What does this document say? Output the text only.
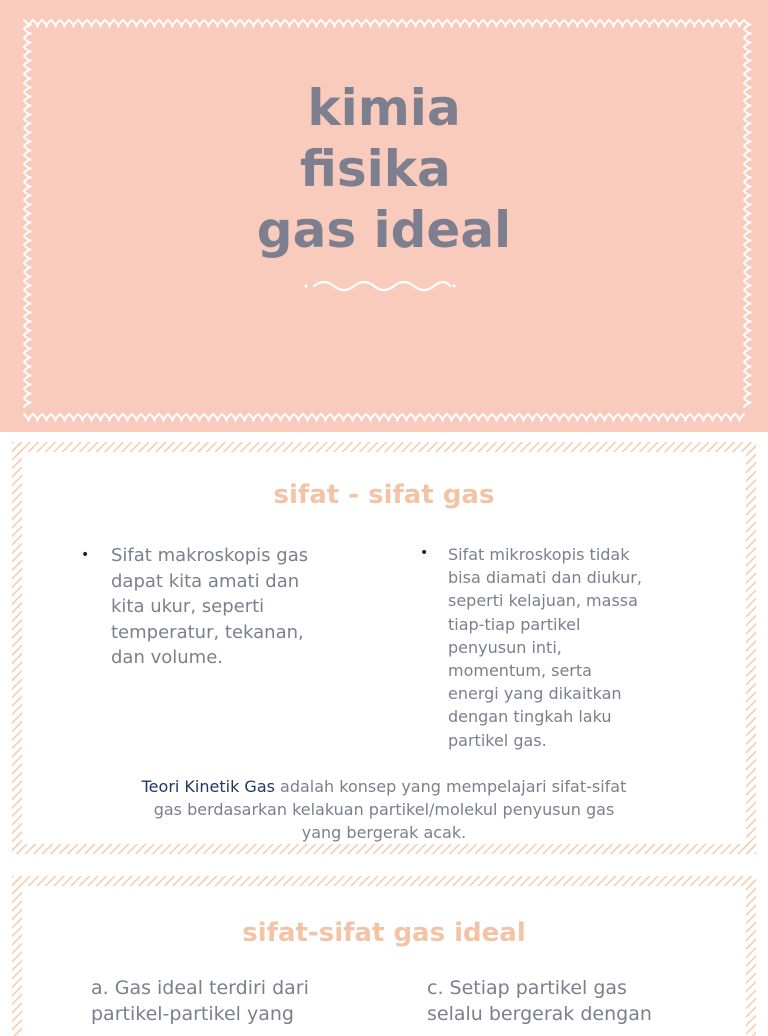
kimia
fisika
gas ideal
sifat - sifat gas
• Sifat makroskopis gas
dapat kita amati dan
kita ukur, seperti
temperatur, tekanan,
dan volume.
• Sifat mikroskopis tidak
bisa diamati dan diukur,
seperti kelajuan, massa
tiap-tiap partikel
penyusun inti,
momentum, serta
energi yang dikaitkan
dengan tingkah laku
partikel gas.
Teori Kinetik Gas adalah konsep yang mempelajari sifat-sifat
gas berdasarkan kelakuan partikel/molekul penyusun gas
yang bergerak acak.
sifat-sifat gas ideal
a. Gas ideal terdiri dari
partikel-partikel yang
c. Setiap partikel gas
selalu bergerak dengan
